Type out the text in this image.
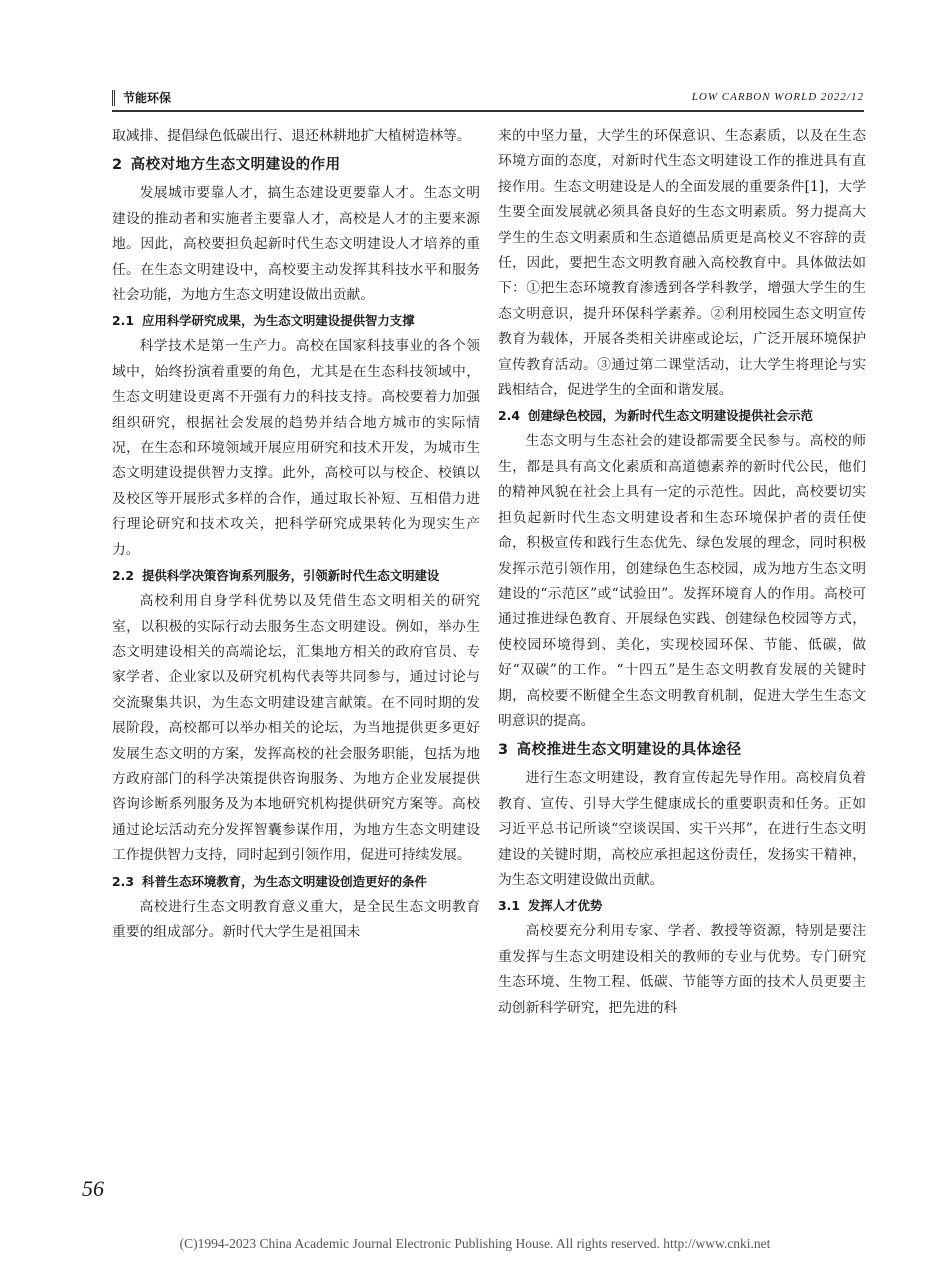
节能环保	LOW CARBON WORLD 2022/12

取减排、提倡绿色低碳出行、退还林耕地扩大植树造林等。

2 高校对地方生态文明建设的作用

发展城市要靠人才，搞生态建设更要靠人才。生态文明建设的推动者和实施者主要靠人才，高校是人才的主要来源地。因此，高校要担负起新时代生态文明建设人才培养的重任。在生态文明建设中，高校要主动发挥其科技水平和服务社会功能，为地方生态文明建设做出贡献。

2.1 应用科学研究成果，为生态文明建设提供智力支撑

科学技术是第一生产力。高校在国家科技事业的各个领域中，始终扮演着重要的角色，尤其是在生态科技领域中，生态文明建设更离不开强有力的科技支持。高校要着力加强组织研究，根据社会发展的趋势并结合地方城市的实际情况，在生态和环境领域开展应用研究和技术开发，为城市生态文明建设提供智力支撑。此外，高校可以与校企、校镇以及校区等开展形式多样的合作，通过取长补短、互相借力进行理论研究和技术攻关，把科学研究成果转化为现实生产力。

2.2 提供科学决策咨询系列服务，引领新时代生态文明建设

高校利用自身学科优势以及凭借生态文明相关的研究室，以积极的实际行动去服务生态文明建设。例如，举办生态文明建设相关的高端论坛，汇集地方相关的政府官员、专家学者、企业家以及研究机构代表等共同参与，通过讨论与交流聚集共识，为生态文明建设建言献策。在不同时期的发展阶段，高校都可以举办相关的论坛，为当地提供更多更好发展生态文明的方案，发挥高校的社会服务职能，包括为地方政府部门的科学决策提供咨询服务、为地方企业发展提供咨询诊断系列服务及为本地研究机构提供研究方案等。高校通过论坛活动充分发挥智囊参谋作用，为地方生态文明建设工作提供智力支持，同时起到引领作用，促进可持续发展。

2.3 科普生态环境教育，为生态文明建设创造更好的条件

高校进行生态文明教育意义重大，是全民生态文明教育重要的组成部分。新时代大学生是祖国未

来的中坚力量，大学生的环保意识、生态素质，以及在生态环境方面的态度，对新时代生态文明建设工作的推进具有直接作用。生态文明建设是人的全面发展的重要条件[1]，大学生要全面发展就必须具备良好的生态文明素质。努力提高大学生的生态文明素质和生态道德品质更是高校义不容辞的责任，因此，要把生态文明教育融入高校教育中。具体做法如下：①把生态环境教育渗透到各学科教学，增强大学生的生态文明意识，提升环保科学素养。②利用校园生态文明宣传教育为载体，开展各类相关讲座或论坛，广泛开展环境保护宣传教育活动。③通过第二课堂活动，让大学生将理论与实践相结合，促进学生的全面和谐发展。

2.4 创建绿色校园，为新时代生态文明建设提供社会示范

生态文明与生态社会的建设都需要全民参与。高校的师生，都是具有高文化素质和高道德素养的新时代公民，他们的精神风貌在社会上具有一定的示范性。因此，高校要切实担负起新时代生态文明建设者和生态环境保护者的责任使命，积极宣传和践行生态优先、绿色发展的理念，同时积极发挥示范引领作用，创建绿色生态校园，成为地方生态文明建设的“示范区”或“试验田”。发挥环境育人的作用。高校可通过推进绿色教育、开展绿色实践、创建绿色校园等方式，使校园环境得到、美化，实现校园环保、节能、低碳，做好“双碳”的工作。“十四五”是生态文明教育发展的关键时期，高校要不断健全生态文明教育机制，促进大学生生态文明意识的提高。

3 高校推进生态文明建设的具体途径

进行生态文明建设，教育宣传起先导作用。高校肩负着教育、宣传、引导大学生健康成长的重要职责和任务。正如习近平总书记所谈“空谈误国、实干兴邦”，在进行生态文明建设的关键时期，高校应承担起这份责任，发扬实干精神，为生态文明建设做出贡献。

3.1 发挥人才优势

高校要充分利用专家、学者、教授等资源，特别是要注重发挥与生态文明建设相关的教师的专业与优势。专门研究生态环境、生物工程、低碳、节能等方面的技术人员更要主动创新科学研究，把先进的科

56
(C)1994-2023 China Academic Journal Electronic Publishing House. All rights reserved. http://www.cnki.net
